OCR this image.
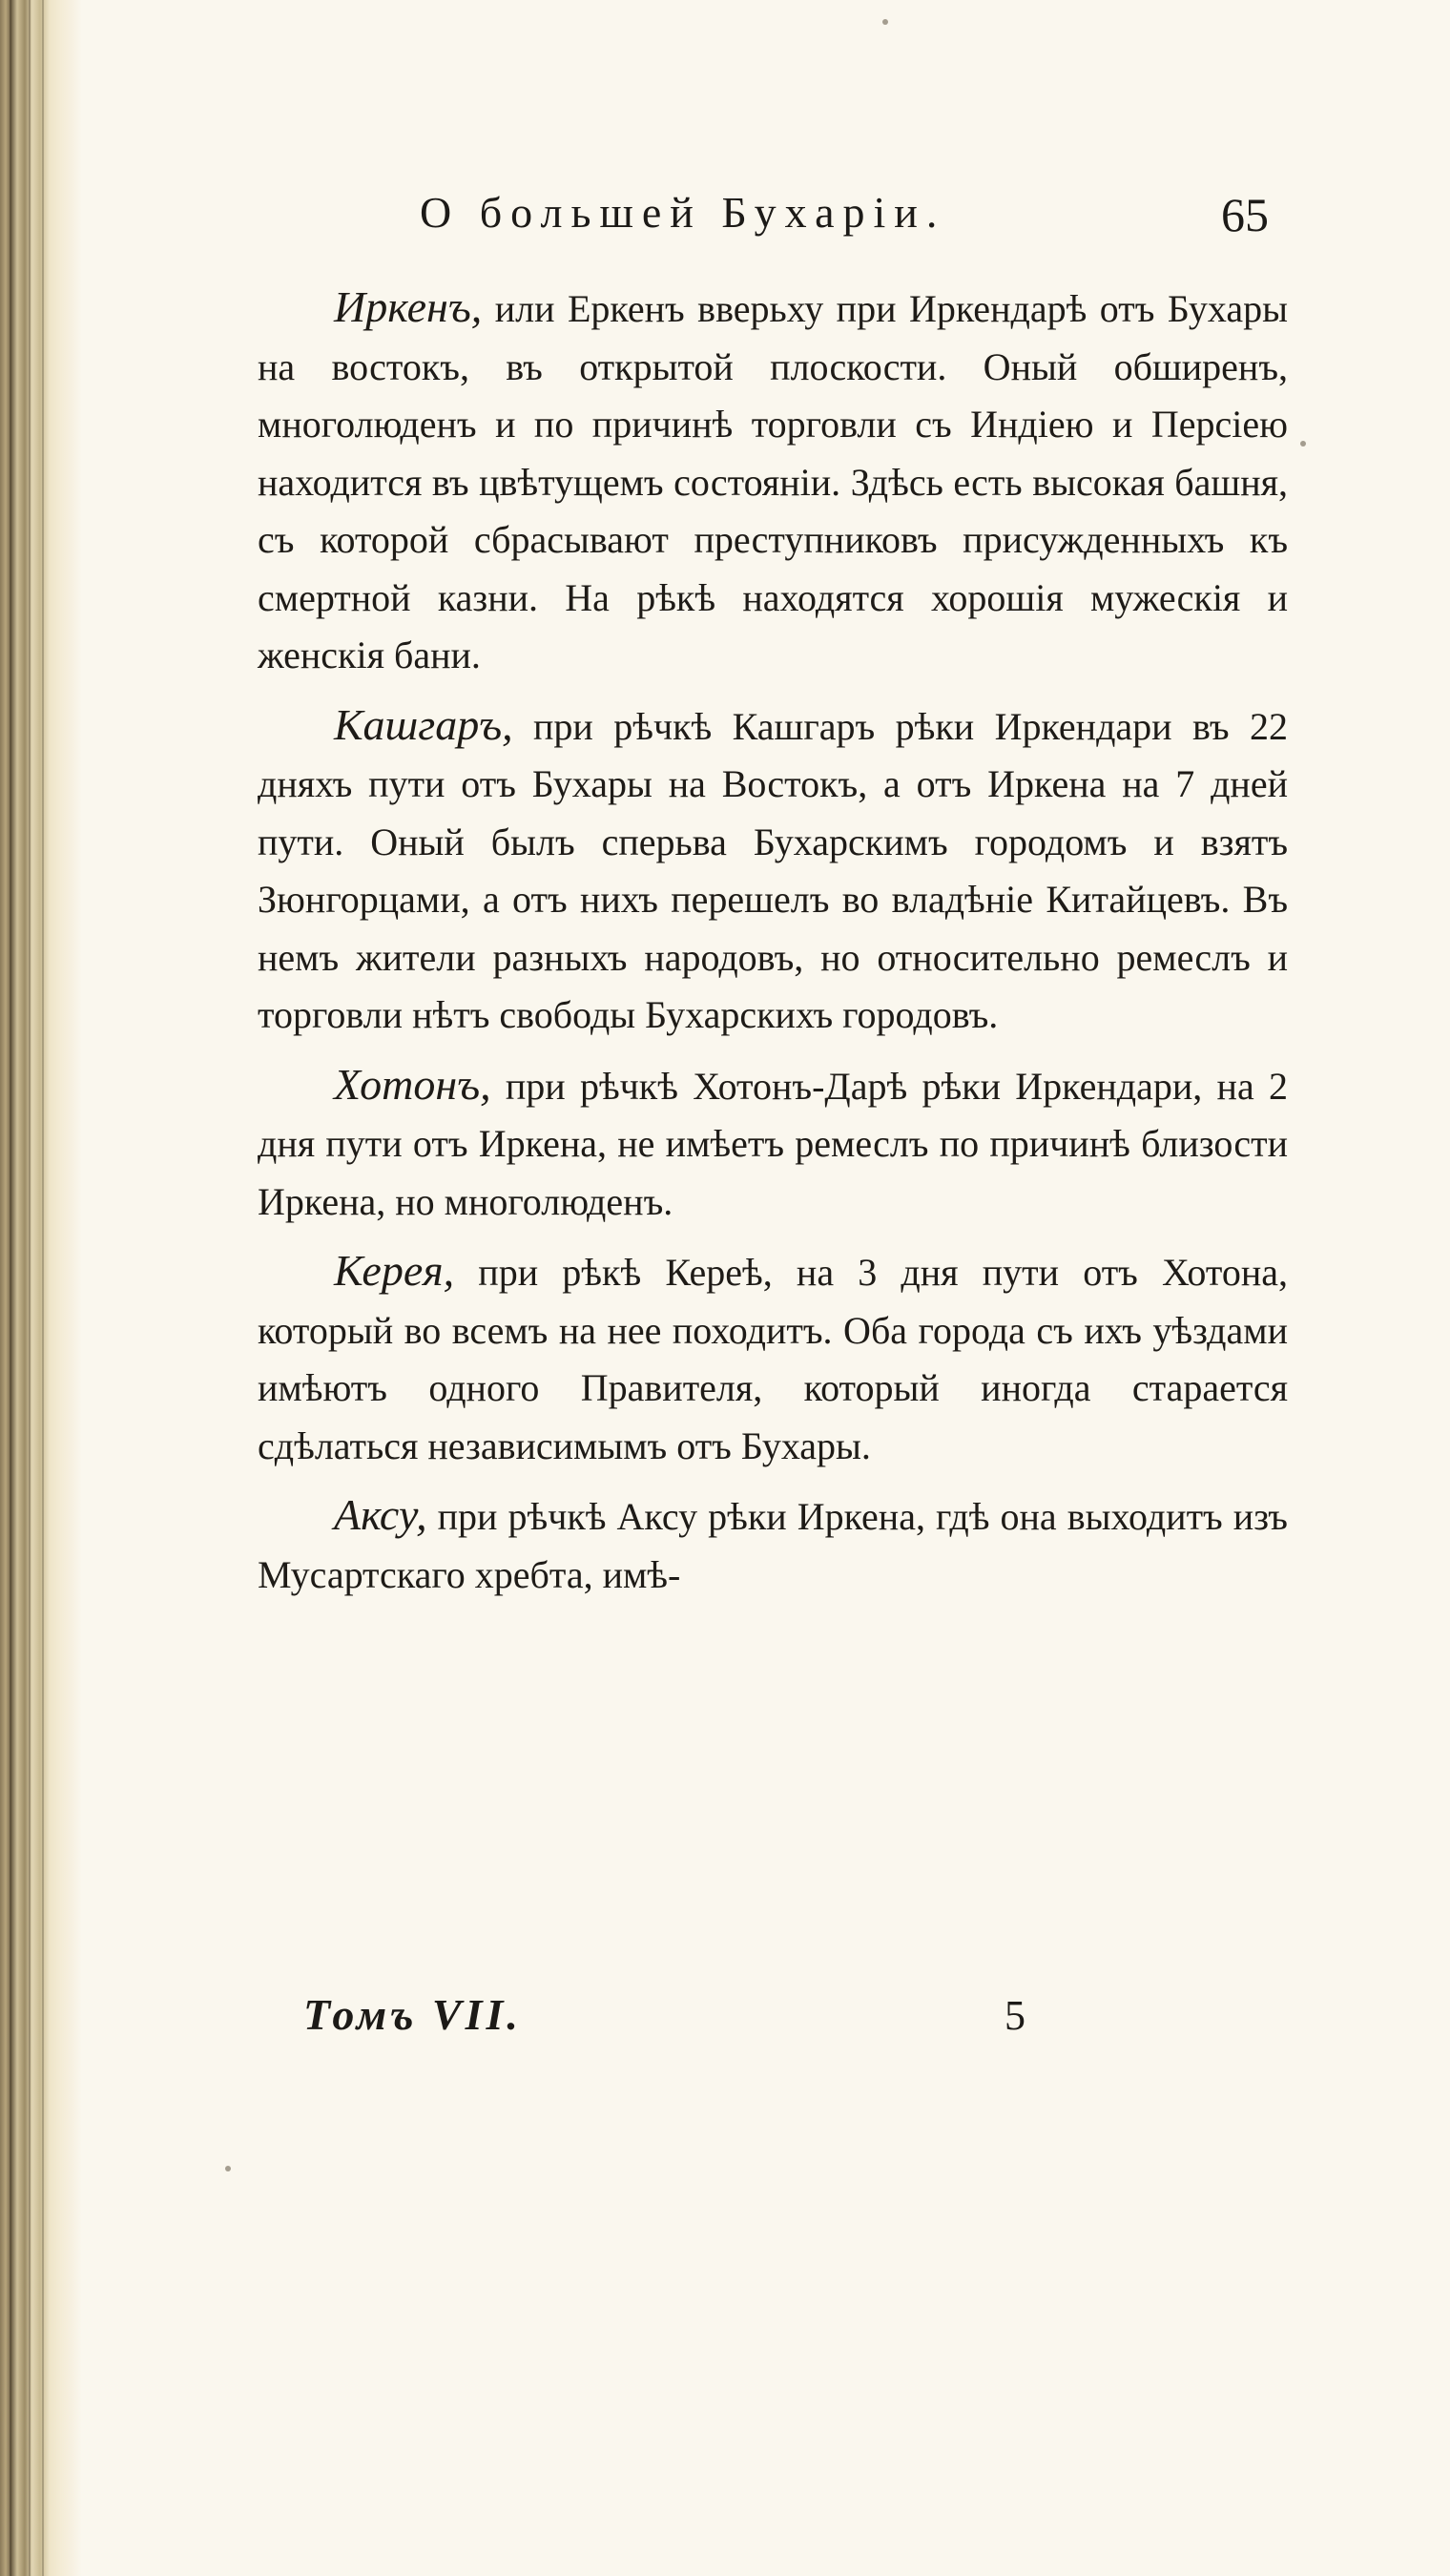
О большей Бухарiи.	65

Иркенъ, или Еркенъ вверьху при Иркендарѣ отъ Бухары на востокъ, въ открытой плоскости. Оный обширенъ, многолюденъ и по причинѣ торговли съ Индiею и Персiею находится въ цвѣтущемъ состоянiи. Здѣсь есть высокая башня, съ которой сбрасывают преступниковъ присужденныхъ къ смертной казни. На рѣкѣ находятся хорошiя мужескiя и женскiя бани.

Кашгаръ, при рѣчкѣ Кашгаръ рѣки Иркендари въ 22 дняхъ пути отъ Бухары на Востокъ, а отъ Иркена на 7 дней пути. Оный былъ сперьва Бухарскимъ городомъ и взятъ Зюнгорцами, а отъ нихъ перешелъ во владѣнiе Китайцевъ. Въ немъ жители разныхъ народовъ, но относительно ремеслъ и торговли нѣтъ свободы Бухарскихъ городовъ.

Хотонъ, при рѣчкѣ Хотонъ-Дарѣ рѣки Иркендари, на 2 дня пути отъ Иркена, не имѣетъ ремеслъ по причинѣ близости Иркена, но многолюденъ.

Керея, при рѣкѣ Кереѣ, на 3 дня пути отъ Хотона, который во всемъ на нее походитъ. Оба города съ ихъ уѣздами имѣютъ одного Правителя, который иногда старается сдѣлаться независимымъ отъ Бухары.

Аксу, при рѣчкѣ Аксу рѣки Иркена, гдѣ она выходитъ изъ Мусартскаго хребта, имѣ-

Томъ VII.	5
